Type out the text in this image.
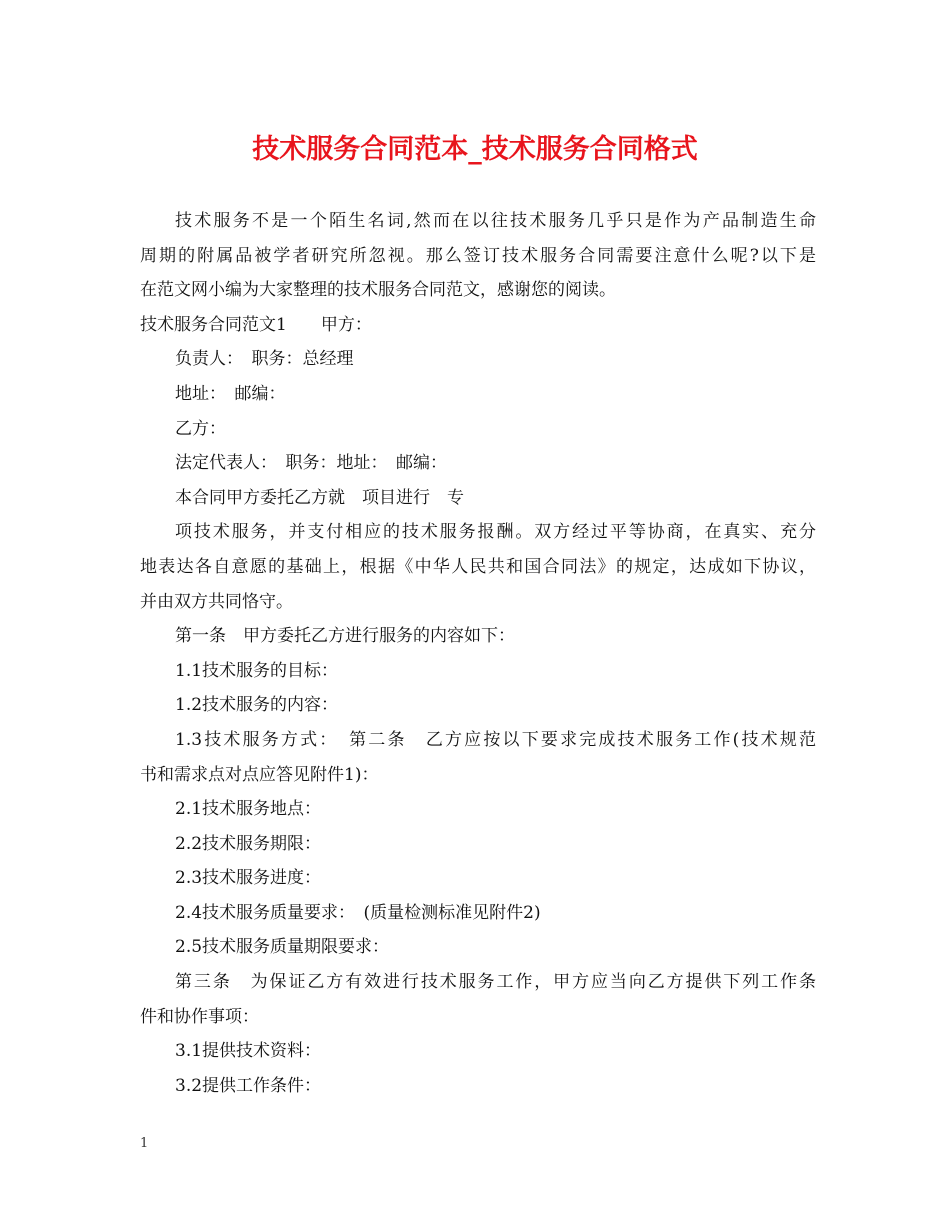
技术服务合同范本_技术服务合同格式
技术服务不是一个陌生名词,然而在以往技术服务几乎只是作为产品制造生命
周期的附属品被学者研究所忽视。那么签订技术服务合同需要注意什么呢?以下是
在范文网小编为大家整理的技术服务合同范文，感谢您的阅读。
技术服务合同范文1　　甲方：
负责人：　职务：总经理
地址：　邮编：
乙方：
法定代表人：　职务：地址：　邮编：
本合同甲方委托乙方就　项目进行　专
项技术服务，并支付相应的技术服务报酬。双方经过平等协商，在真实、充分
地表达各自意愿的基础上，根据《中华人民共和国合同法》的规定，达成如下协议，
并由双方共同恪守。
第一条　甲方委托乙方进行服务的内容如下：
1.1技术服务的目标：
1.2技术服务的内容：
1.3技术服务方式：　第二条　乙方应按以下要求完成技术服务工作(技术规范
书和需求点对点应答见附件1)：
2.1技术服务地点：
2.2技术服务期限：
2.3技术服务进度：
2.4技术服务质量要求：　(质量检测标准见附件2)
2.5技术服务质量期限要求：
第三条　为保证乙方有效进行技术服务工作，甲方应当向乙方提供下列工作条
件和协作事项：
3.1提供技术资料：
3.2提供工作条件：
1
